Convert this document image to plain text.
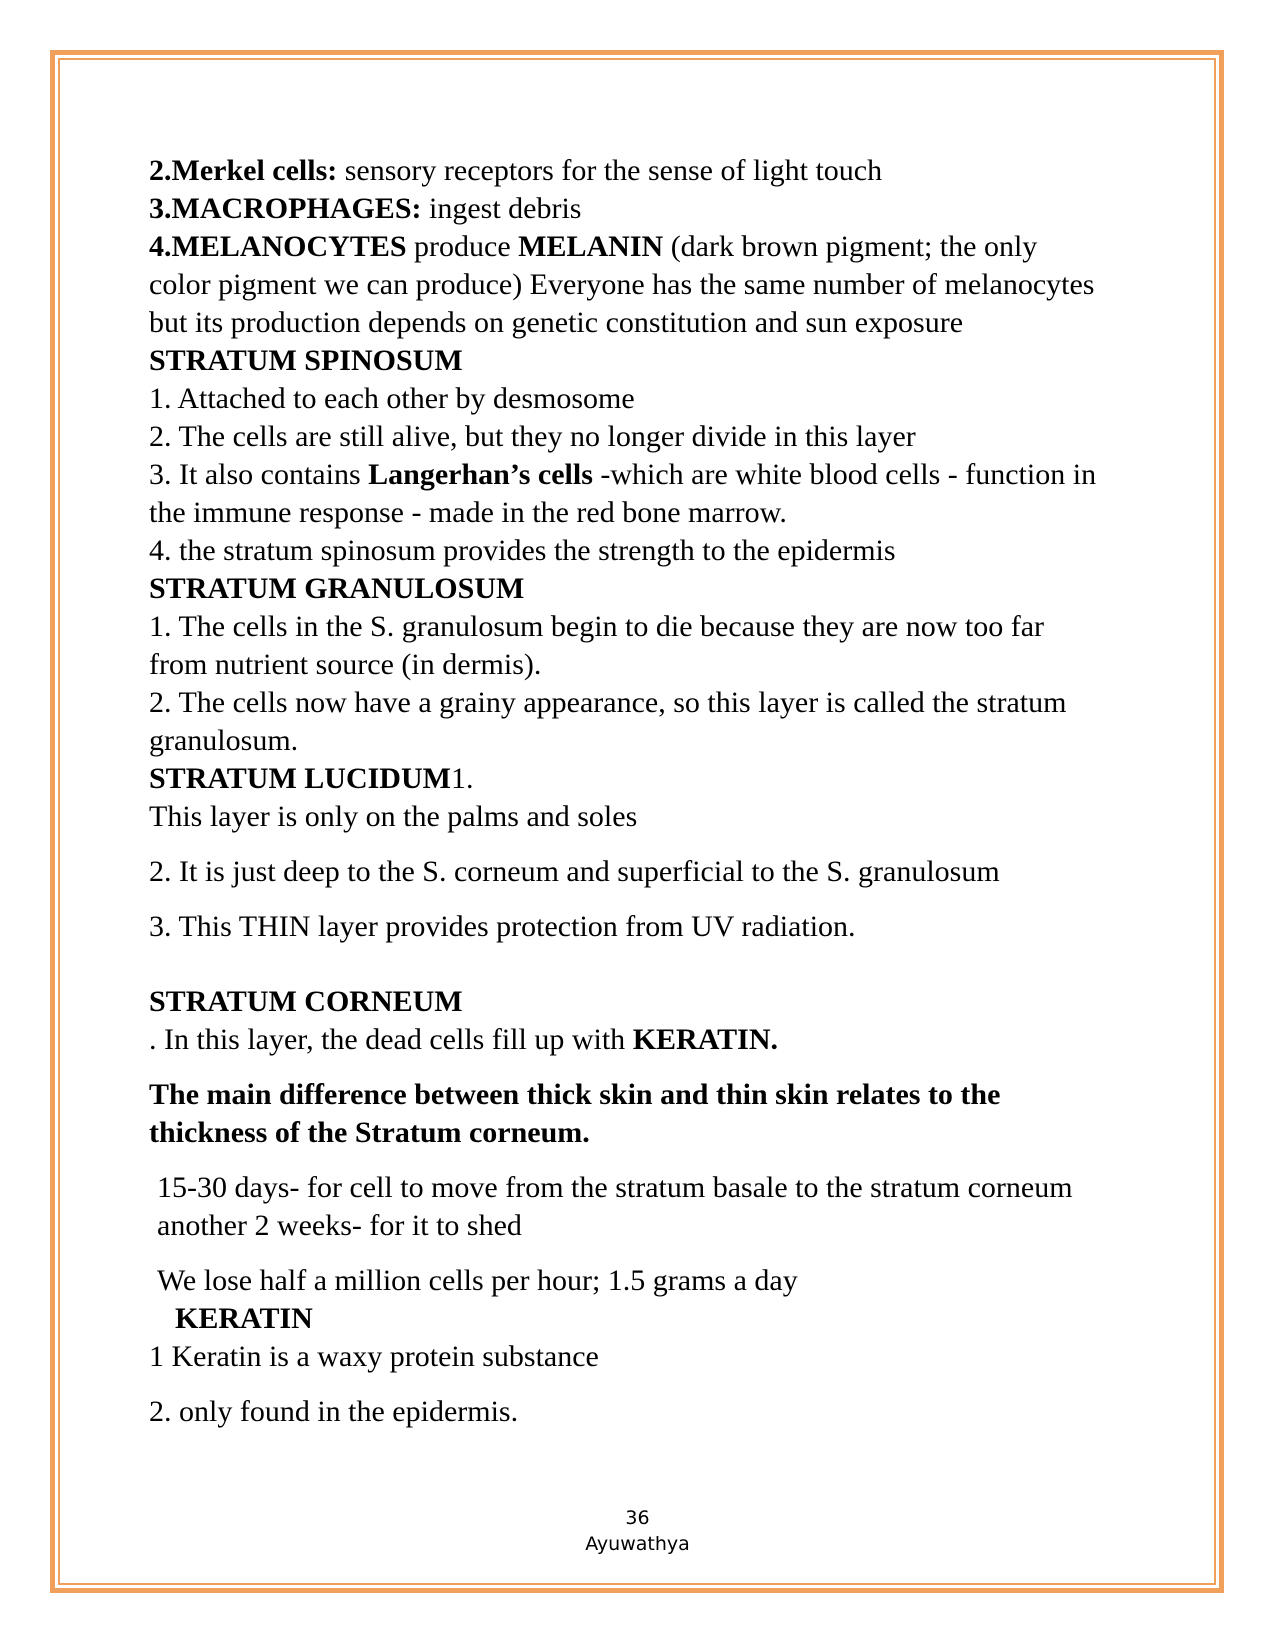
2.Merkel cells: sensory receptors for the sense of light touch

3.MACROPHAGES: ingest debris

4.MELANOCYTES produce MELANIN (dark brown pigment; the only color pigment we can produce) Everyone has the same number of melanocytes but its production depends on genetic constitution and sun exposure

STRATUM SPINOSUM

1. Attached to each other by desmosome

2. The cells are still alive, but they no longer divide in this layer

3. It also contains Langerhan’s cells -which are white blood cells - function in the immune response - made in the red bone marrow.

4. the stratum spinosum provides the strength to the epidermis

STRATUM GRANULOSUM

1. The cells in the S. granulosum begin to die because they are now too far from nutrient source (in dermis).

2. The cells now have a grainy appearance, so this layer is called the stratum granulosum.

STRATUM LUCIDUM1.

This layer is only on the palms and soles

2. It is just deep to the S. corneum and superficial to the S. granulosum

3. This THIN layer provides protection from UV radiation.

STRATUM CORNEUM

. In this layer, the dead cells fill up with KERATIN.

The main difference between thick skin and thin skin relates to the thickness of the Stratum corneum.

15-30 days- for cell to move from the stratum basale to the stratum corneum another 2 weeks- for it to shed

We lose half a million cells per hour; 1.5 grams a day

KERATIN

1 Keratin is a waxy protein substance

2. only found in the epidermis.

36
Ayuwathya
